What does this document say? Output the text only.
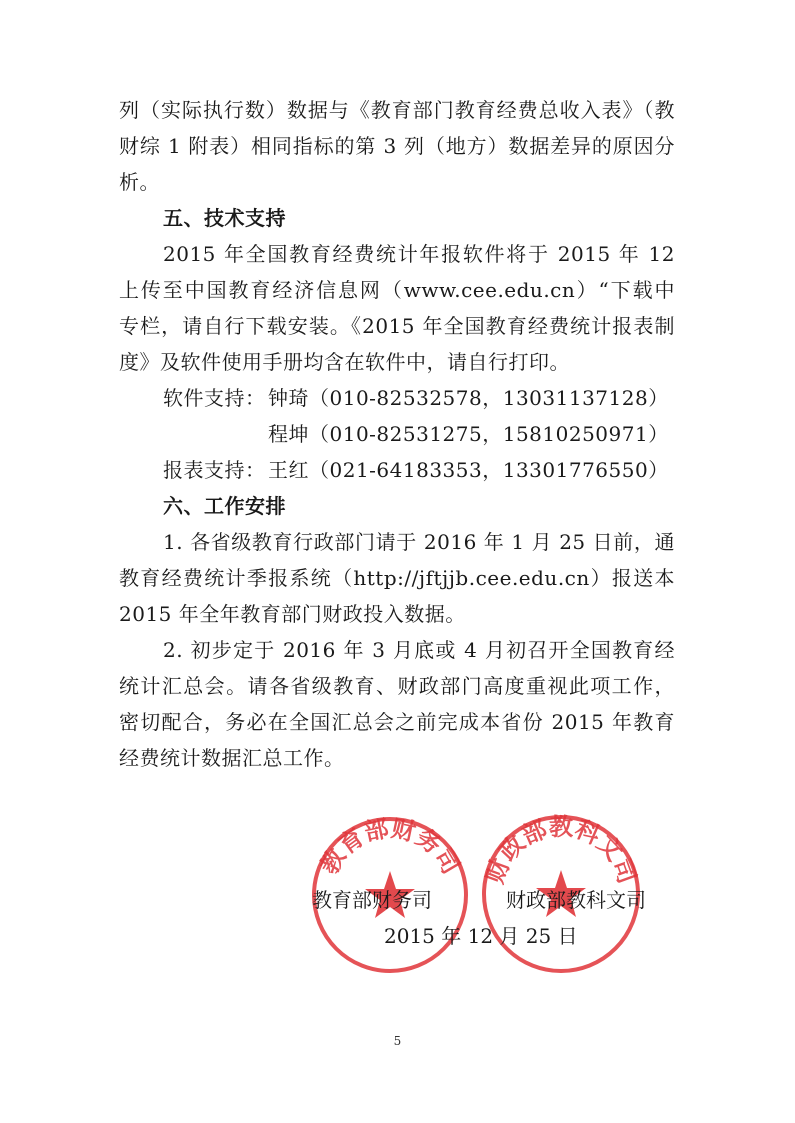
列（实际执行数）数据与《教育部门教育经费总收入表》（教
财综 1 附表）相同指标的第 3 列（地方）数据差异的原因分
析。
五、技术支持
2015 年全国教育经费统计年报软件将于 2015 年 12
上传至中国教育经济信息网（www.cee.edu.cn）“下载中
专栏，请自行下载安装。《2015 年全国教育经费统计报表制
度》及软件使用手册均含在软件中，请自行打印。
软件支持： 钟琦（010-82532578，13031137128）
程坤（010-82531275，15810250971）
报表支持： 王红（021-64183353，13301776550）
六、工作安排
1. 各省级教育行政部门请于 2016 年 1 月 25 日前，通
教育经费统计季报系统（http://jftjjb.cee.edu.cn）报送本
2015 年全年教育部门财政投入数据。
2. 初步定于 2016 年 3 月底或 4 月初召开全国教育经
统计汇总会。请各省级教育、财政部门高度重视此项工作，
密切配合，务必在全国汇总会之前完成本省份 2015 年教育
经费统计数据汇总工作。
教育部财务司 财政部教科文司
教育部财务司	财政部教科文司
2015 年 12 月 25 日
5
